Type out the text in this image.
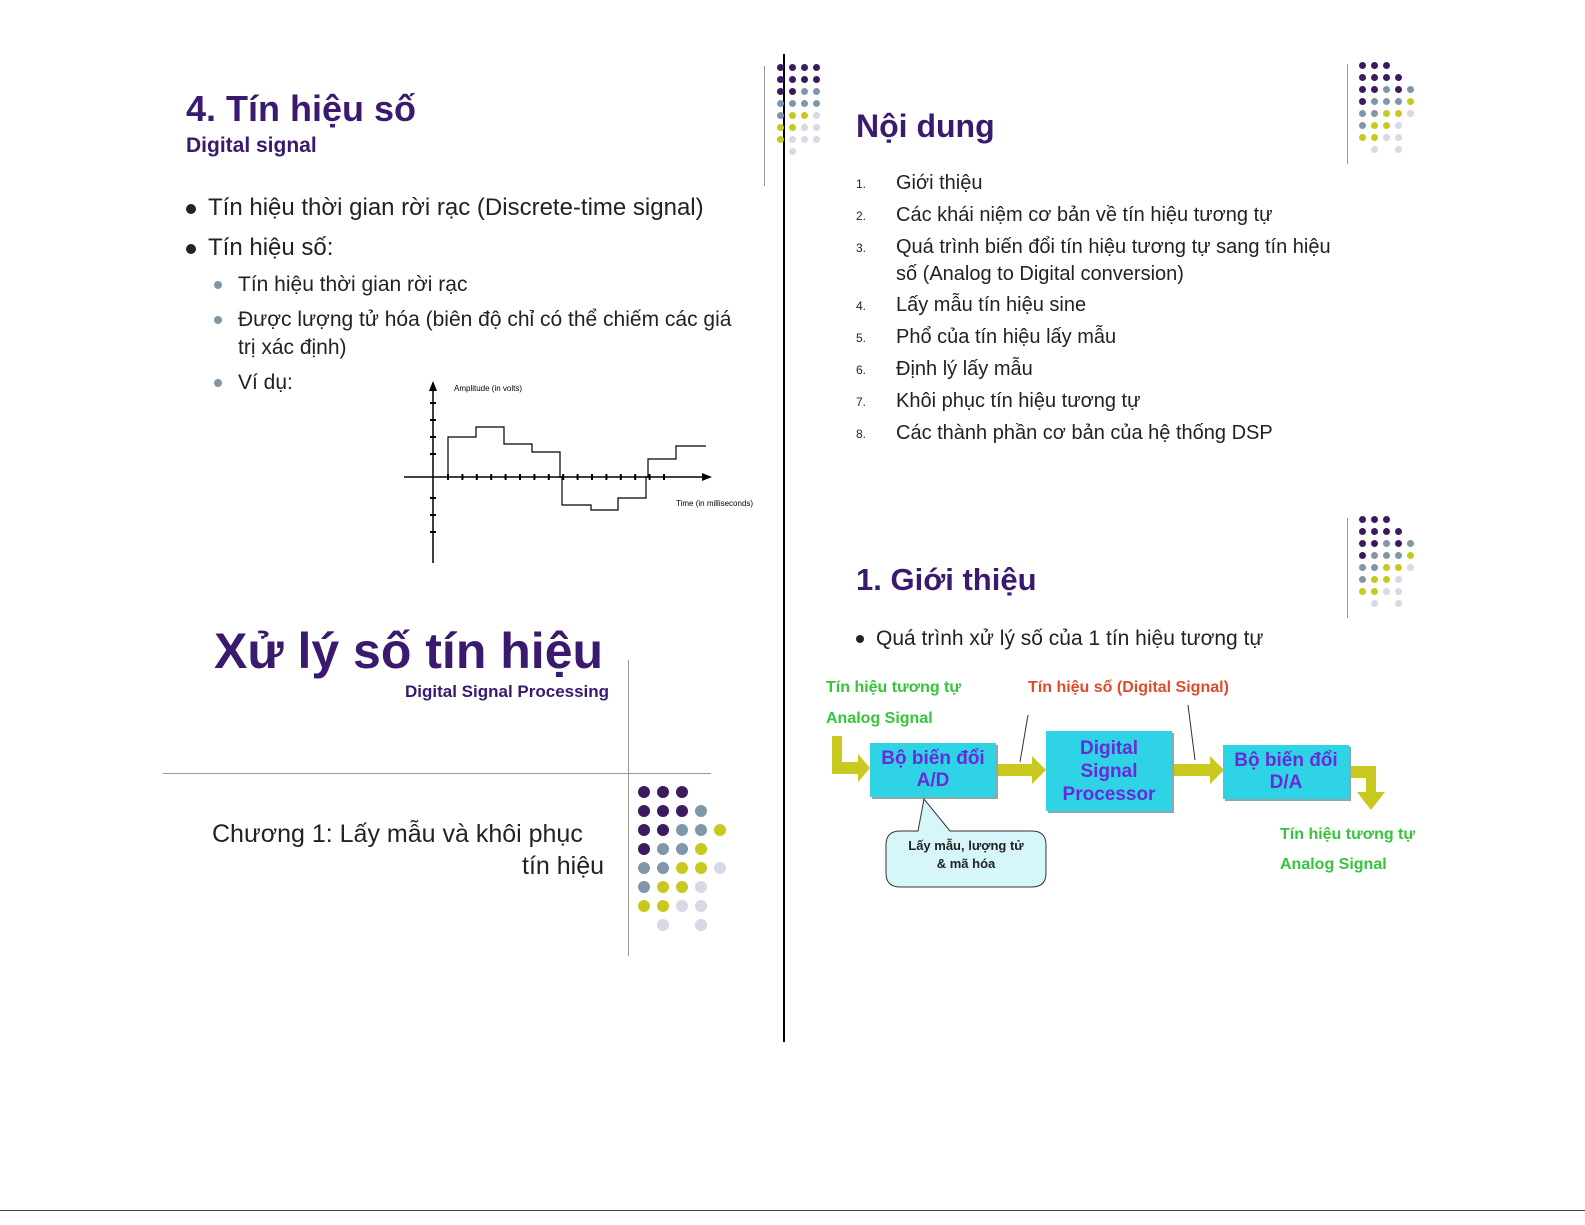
4. Tín hiệu số
Digital signal
Tín hiệu thời gian rời rạc (Discrete-time signal)
Tín hiệu số:
Tín hiệu thời gian rời rạc
Được lượng tử hóa (biên độ chỉ có thể chiếm các giá
trị xác định)
Ví dụ:	Amplitude (in volts)
Time (in milliseconds)
Xử lý số tín hiệu
Digital Signal Processing
Chương 1: Lấy mẫu và khôi phục
tín hiệu
Nội dung
1. Giới thiệu
2. Các khái niệm cơ bản về tín hiệu tương tự
3. Quá trình biến đổi tín hiệu tương tự sang tín hiệu
số (Analog to Digital conversion)
4. Lấy mẫu tín hiệu sine
5. Phổ của tín hiệu lấy mẫu
6. Định lý lấy mẫu
7. Khôi phục tín hiệu tương tự
8. Các thành phần cơ bản của hệ thống DSP
1. Giới thiệu
Quá trình xử lý số của 1 tín hiệu tương tự
Tín hiệu tương tự
Analog Signal
Tín hiệu số (Digital Signal)
Bộ biến đổi A/D
Digital Signal Processor
Bộ biến đổi D/A
Lấy mẫu, lượng tử
& mã hóa
Tín hiệu tương tự
Analog Signal
